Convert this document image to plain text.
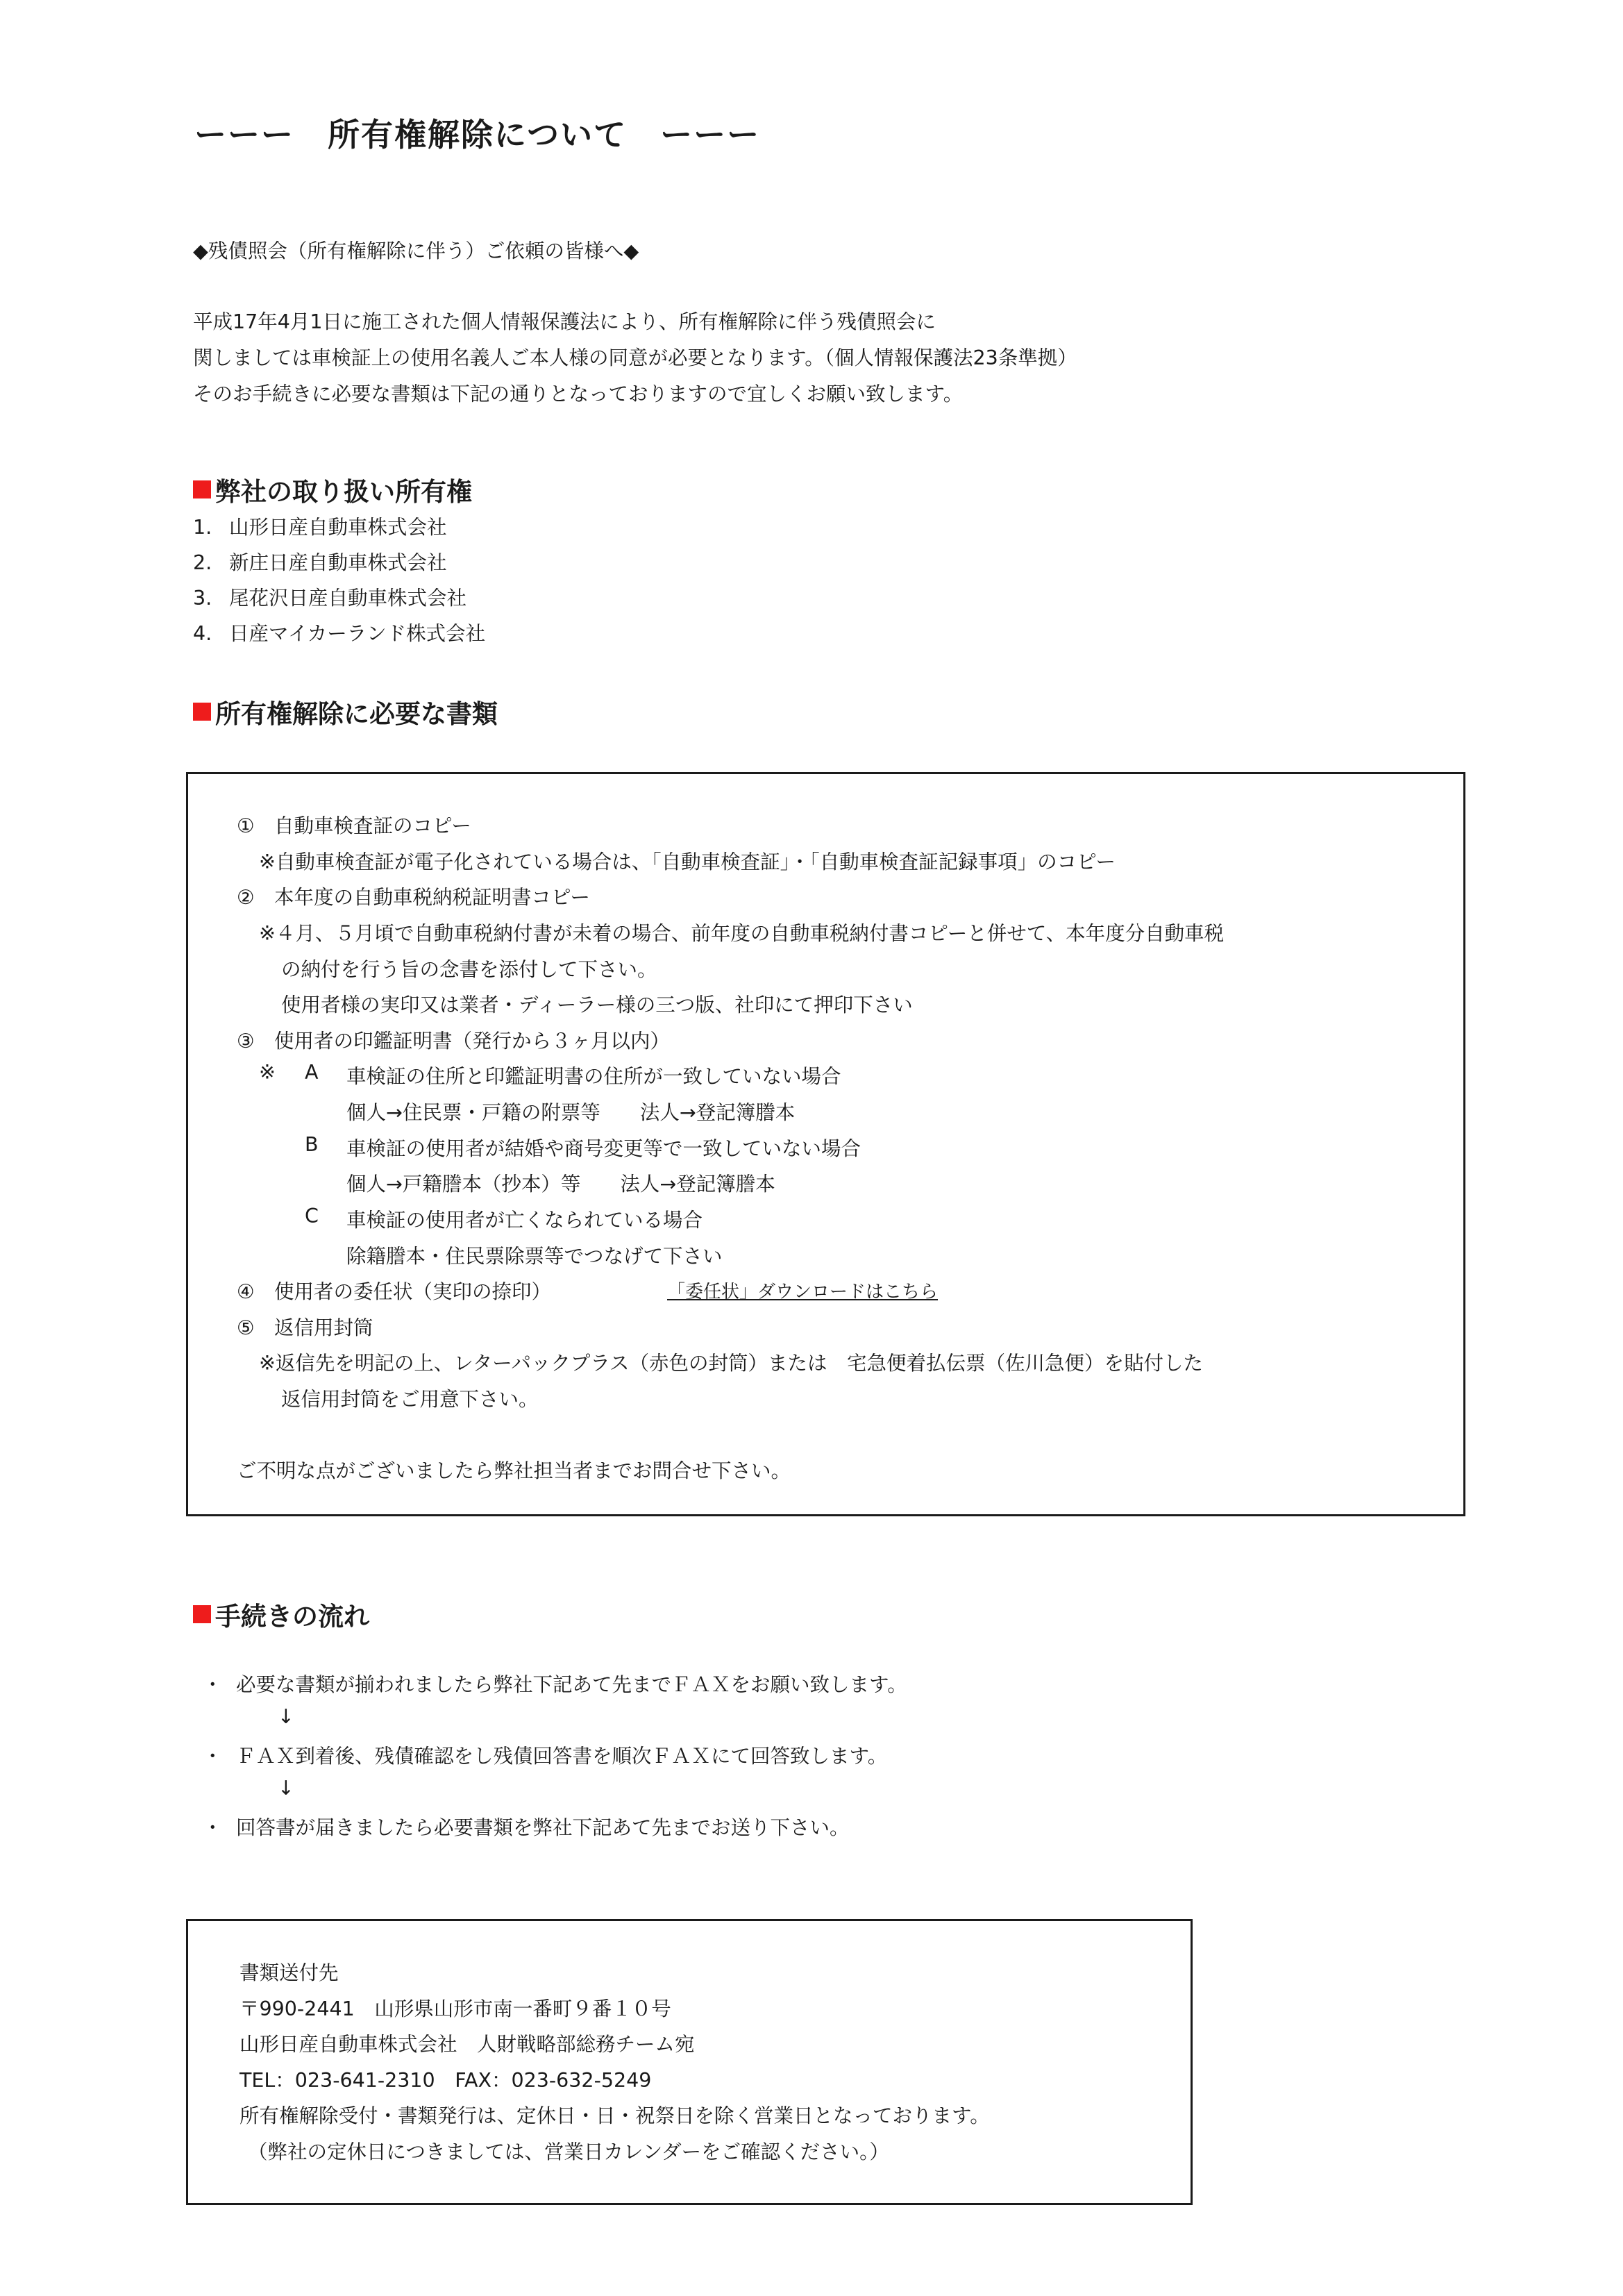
ーーー　所有権解除について　ーーー
◆残債照会（所有権解除に伴う）ご依頼の皆様へ◆
平成17年4月1日に施工された個人情報保護法により、所有権解除に伴う残債照会に
関しましては車検証上の使用名義人ご本人様の同意が必要となります。（個人情報保護法23条準拠）
そのお手続きに必要な書類は下記の通りとなっておりますので宜しくお願い致します。
弊社の取り扱い所有権
1. 山形日産自動車株式会社
2. 新庄日産自動車株式会社
3. 尾花沢日産自動車株式会社
4. 日産マイカーランド株式会社
所有権解除に必要な書類
①　自動車検査証のコピー
※自動車検査証が電子化されている場合は、「自動車検査証」・「自動車検査証記録事項」のコピー
②　本年度の自動車税納税証明書コピー
※４月、５月頃で自動車税納付書が未着の場合、前年度の自動車税納付書コピーと併せて、本年度分自動車税
の納付を行う旨の念書を添付して下さい。
使用者様の実印又は業者・ディーラー様の三つ版、社印にて押印下さい
③　使用者の印鑑証明書（発行から３ヶ月以内）
※ A 車検証の住所と印鑑証明書の住所が一致していない場合
個人→住民票・戸籍の附票等　　法人→登記簿謄本
B 車検証の使用者が結婚や商号変更等で一致していない場合
個人→戸籍謄本（抄本）等　　法人→登記簿謄本
C 車検証の使用者が亡くなられている場合
除籍謄本・住民票除票等でつなげて下さい
④　使用者の委任状（実印の捺印）	「委任状」ダウンロードはこちら
⑤　返信用封筒
※返信先を明記の上、レターパックプラス（赤色の封筒）または　宅急便着払伝票（佐川急便）を貼付した
返信用封筒をご用意下さい。
ご不明な点がございましたら弊社担当者までお問合せ下さい。
手続きの流れ
・ 必要な書類が揃われましたら弊社下記あて先までＦＡＸをお願い致します。
↓
・ ＦＡＸ到着後、残債確認をし残債回答書を順次ＦＡＸにて回答致します。
↓
・ 回答書が届きましたら必要書類を弊社下記あて先までお送り下さい。
書類送付先
〒990-2441　山形県山形市南一番町９番１０号
山形日産自動車株式会社　人財戦略部総務チーム宛
TEL：023-641-2310　FAX：023-632-5249
所有権解除受付・書類発行は、定休日・日・祝祭日を除く営業日となっております。
（弊社の定休日につきましては、営業日カレンダーをご確認ください。）
